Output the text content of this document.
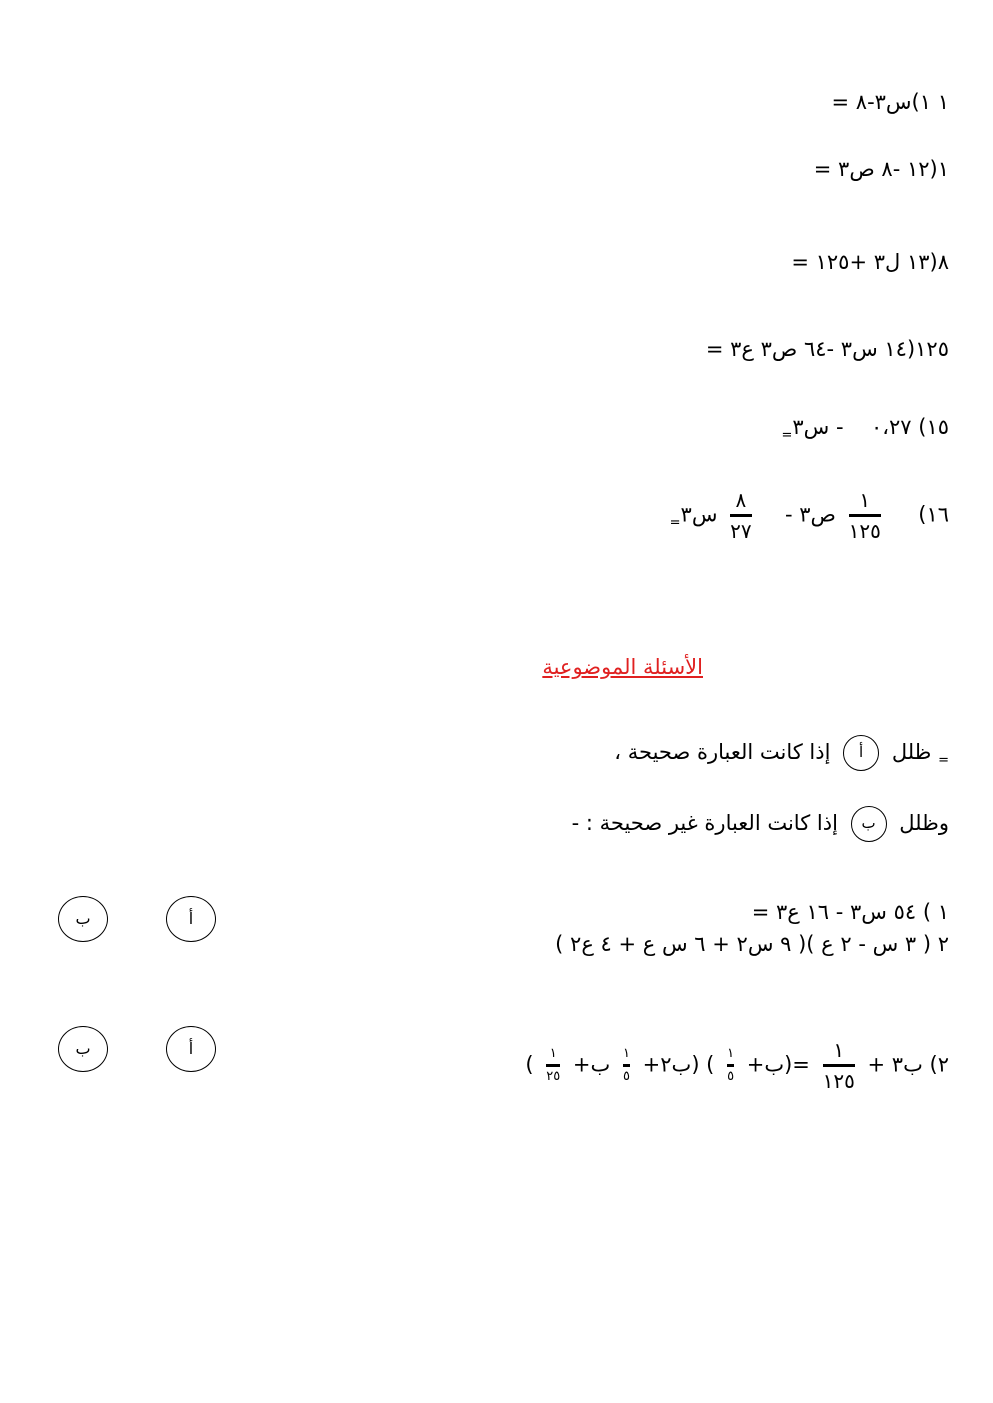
١ ١)س٣-٨ =
١(١٢ -٨ ص٣ =
٨(١٣ ل٣ +١٢٥ =
١٢٥(١٤ س٣ -٦٤ ص٣ ع٣ =
١٥) ٠،٢٧  - $س٣_=$
١٦)
$\frac{١}{١٢٥}$
ص٣ -
$\frac{٨}{٢٧}$
$س٣_=$
الأسئلة الموضوعية
$_=$ ظلل أ إذا كانت العبارة صحيحة ،
وظلل ب إذا كانت العبارة غير صحيحة : -
١ ) ٥٤ س٣ - ١٦ ع٣ =
٢ ( ٣ س - ٢ ع )( ٩ س٢ + ٦ س ع + ٤ ع٢ )
أ
ب
٢) ب٣ +
$\frac{١}{١٢٥}$
=(ب+
$\frac{١}{٥}$
) (ب٢+
$\frac{١}{٥}$
ب+
$\frac{١}{٢٥}$
)
أ
ب
